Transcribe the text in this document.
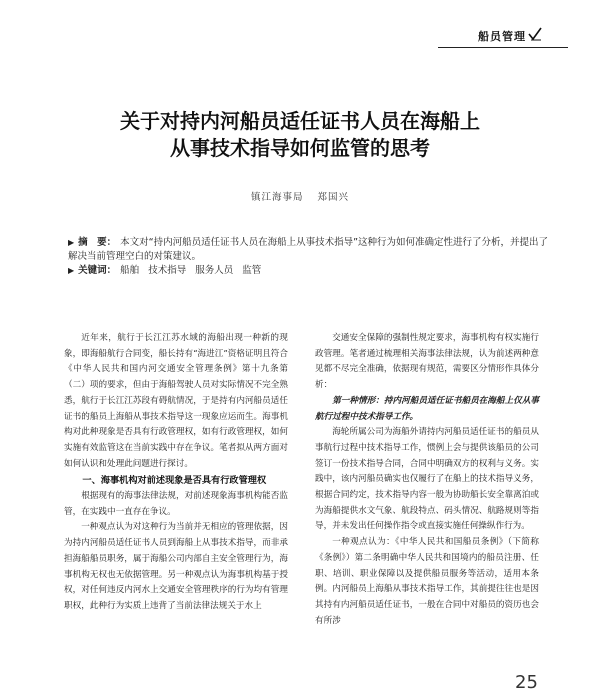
船员管理
关于对持内河船员适任证书人员在海船上
从事技术指导如何监管的思考
镇江海事局 郑国兴
▶ 摘　要： 本文对“持内河船员适任证书人员在海船上从事技术指导”这种行为如何准确定性进行了分析，并提出了解决当前管理空白的对策建议。
▶ 关键词： 船舶 技术指导 服务人员 监管

近年来，航行于长江江苏水域的海船出现一种新的现象，即海船航行合同变，船长持有“海进江”资格证明且符合《中华人民共和国内河交通安全管理条例》第十九条第（二）项的要求，但由于海船驾驶人员对实际情况不完全熟悉，航行于长江江苏段有碍航情况，于是持有内河船员适任证书的船员上海船从事技术指导这一现象应运而生。海事机构对此种现象是否具有行政管理权，如有行政管理权，如何实施有效监管这在当前实践中存在争议。笔者拟从两方面对如何认识和处理此问题进行探讨。

一、海事机构对前述现象是否具有行政管理权

根据现有的海事法律法规，对前述现象海事机构能否监管，在实践中一直存在争议。

一种观点认为对这种行为当前并无相应的管理依据，因为持内河船员适任证书人员到海船上从事技术指导，而非承担海船船员职务，属于海船公司内部自主安全管理行为，海事机构无权也无依据管理。另一种观点认为海事机构基于授权，对任何违反内河水上交通安全管理秩序的行为均有管理职权，此种行为实质上违背了当前法律法规关于水上

交通安全保障的强制性规定要求，海事机构有权实施行政管理。笔者通过梳理相关海事法律法规，认为前述两种意见都不尽完全准确，依据现有规范，需要区分情形作具体分析：

第一种情形：持内河船员适任证书船员在海船上仅从事航行过程中技术指导工作。

海轮所属公司为海船外请持内河船员适任证书的船员从事航行过程中技术指导工作，惯例上会与提供该船员的公司签订一份技术指导合同，合同中明确双方的权利与义务。实践中，该内河船员确实也仅履行了在船上的技术指导义务，根据合同约定，技术指导内容一般为协助船长安全靠离泊或为海船提供水文气象、航段特点、码头情况、航路规则等指导，并未发出任何操作指令或直接实施任何操纵作行为。

一种观点认为：《中华人民共和国船员条例》（下简称《条例》）第二条明确中华人民共和国境内的船员注册、任职、培训、职业保障以及提供船员服务等活动，适用本条例。内河船员上海船从事技术指导工作，其前提往往也是因其持有内河船员适任证书，一般在合同中对船员的资历也会有所涉

25
